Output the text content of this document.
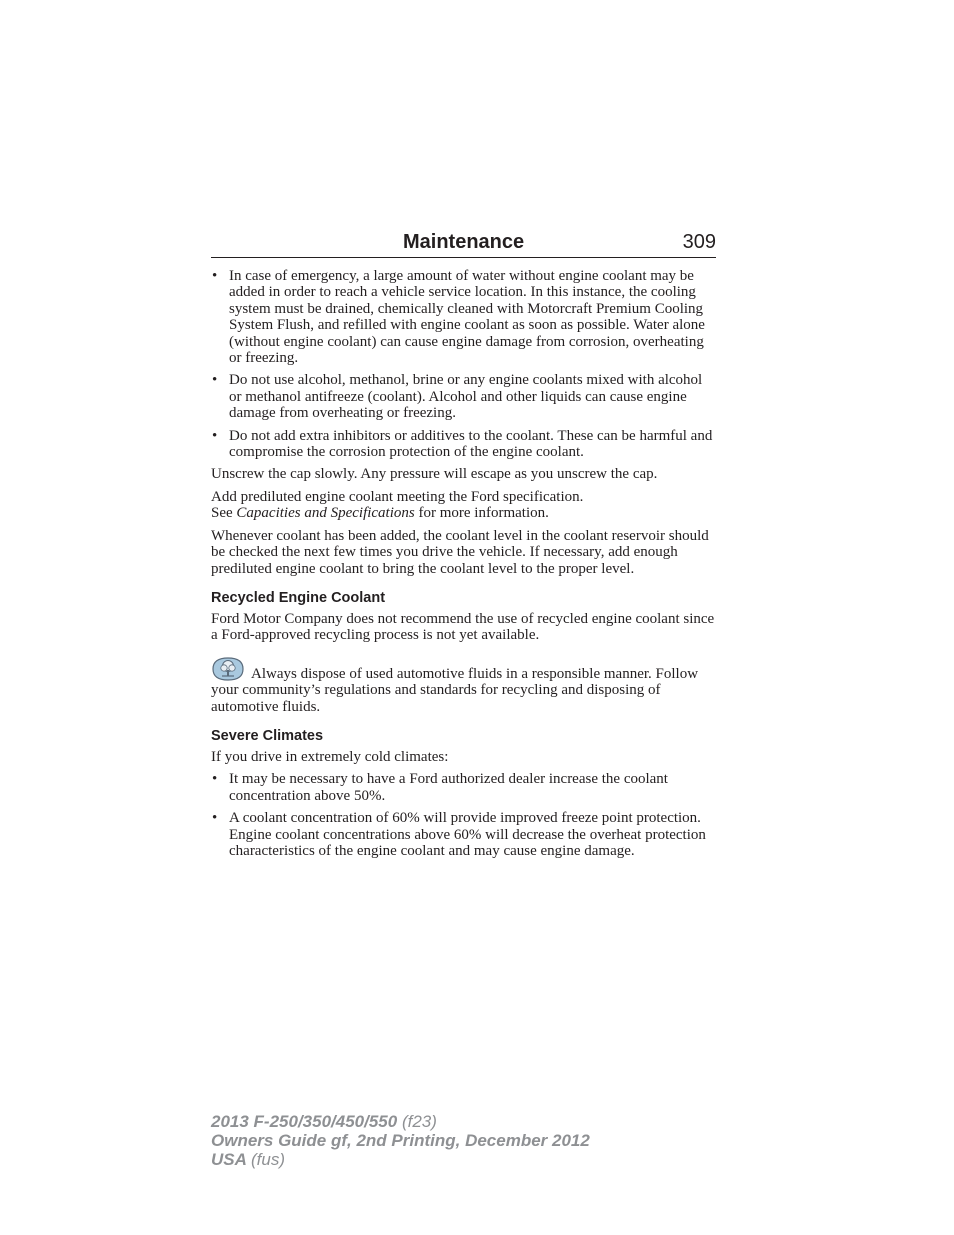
Maintenance	309
• In case of emergency, a large amount of water without engine coolant may be added in order to reach a vehicle service location. In this instance, the cooling system must be drained, chemically cleaned with Motorcraft Premium Cooling System Flush, and refilled with engine coolant as soon as possible. Water alone (without engine coolant) can cause engine damage from corrosion, overheating or freezing.
• Do not use alcohol, methanol, brine or any engine coolants mixed with alcohol or methanol antifreeze (coolant). Alcohol and other liquids can cause engine damage from overheating or freezing.
• Do not add extra inhibitors or additives to the coolant. These can be harmful and compromise the corrosion protection of the engine coolant.

Unscrew the cap slowly. Any pressure will escape as you unscrew the cap.

Add prediluted engine coolant meeting the Ford specification.
See Capacities and Specifications for more information.

Whenever coolant has been added, the coolant level in the coolant reservoir should be checked the next few times you drive the vehicle. If necessary, add enough prediluted engine coolant to bring the coolant level to the proper level.

Recycled Engine Coolant

Ford Motor Company does not recommend the use of recycled engine coolant since a Ford-approved recycling process is not yet available.

Always dispose of used automotive fluids in a responsible manner. Follow your community’s regulations and standards for recycling and disposing of automotive fluids.

Severe Climates

If you drive in extremely cold climates:

• It may be necessary to have a Ford authorized dealer increase the coolant concentration above 50%.
• A coolant concentration of 60% will provide improved freeze point protection. Engine coolant concentrations above 60% will decrease the overheat protection characteristics of the engine coolant and may cause engine damage.
2013 F-250/350/450/550 (f23)
Owners Guide gf, 2nd Printing, December 2012
USA (fus)
